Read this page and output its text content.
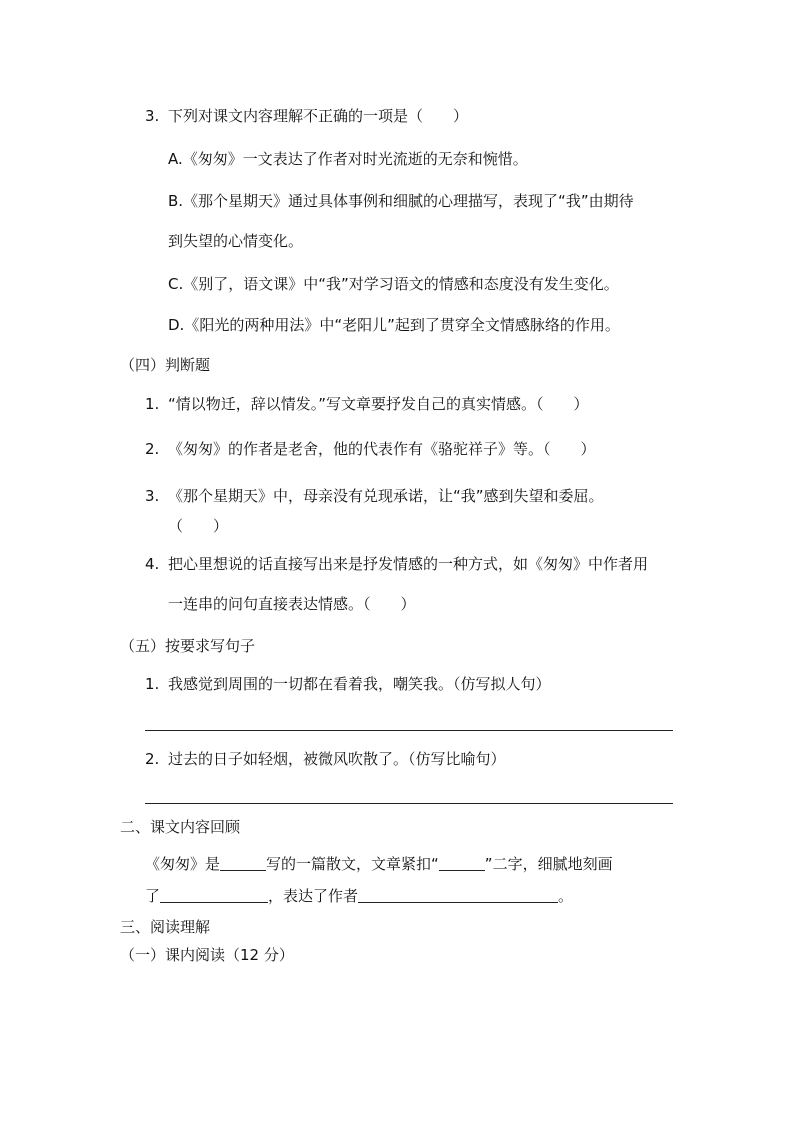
3. 下列对课文内容理解不正确的一项是（　　）
A.《匆匆》一文表达了作者对时光流逝的无奈和惋惜。
B.《那个星期天》通过具体事例和细腻的心理描写，表现了“我”由期待
到失望的心情变化。
C.《别了，语文课》中“我”对学习语文的情感和态度没有发生变化。
D.《阳光的两种用法》中“老阳儿”起到了贯穿全文情感脉络的作用。
（四）判断题
1. “情以物迁，辞以情发。”写文章要抒发自己的真实情感。（　　）
2. 《匆匆》的作者是老舍，他的代表作有《骆驼祥子》等。（　　）
3. 《那个星期天》中，母亲没有兑现承诺，让“我”感到失望和委屈。
（　　）
4. 把心里想说的话直接写出来是抒发情感的一种方式，如《匆匆》中作者用
一连串的问句直接表达情感。（　　）
（五）按要求写句子
1. 我感觉到周围的一切都在看着我，嘲笑我。（仿写拟人句）
2. 过去的日子如轻烟，被微风吹散了。（仿写比喻句）
二、课文内容回顾
《匆匆》是	写的一篇散文，文章紧扣“	”二字，细腻地刻画
了	，表达了作者	。
三、阅读理解
（一）课内阅读（12 分）
